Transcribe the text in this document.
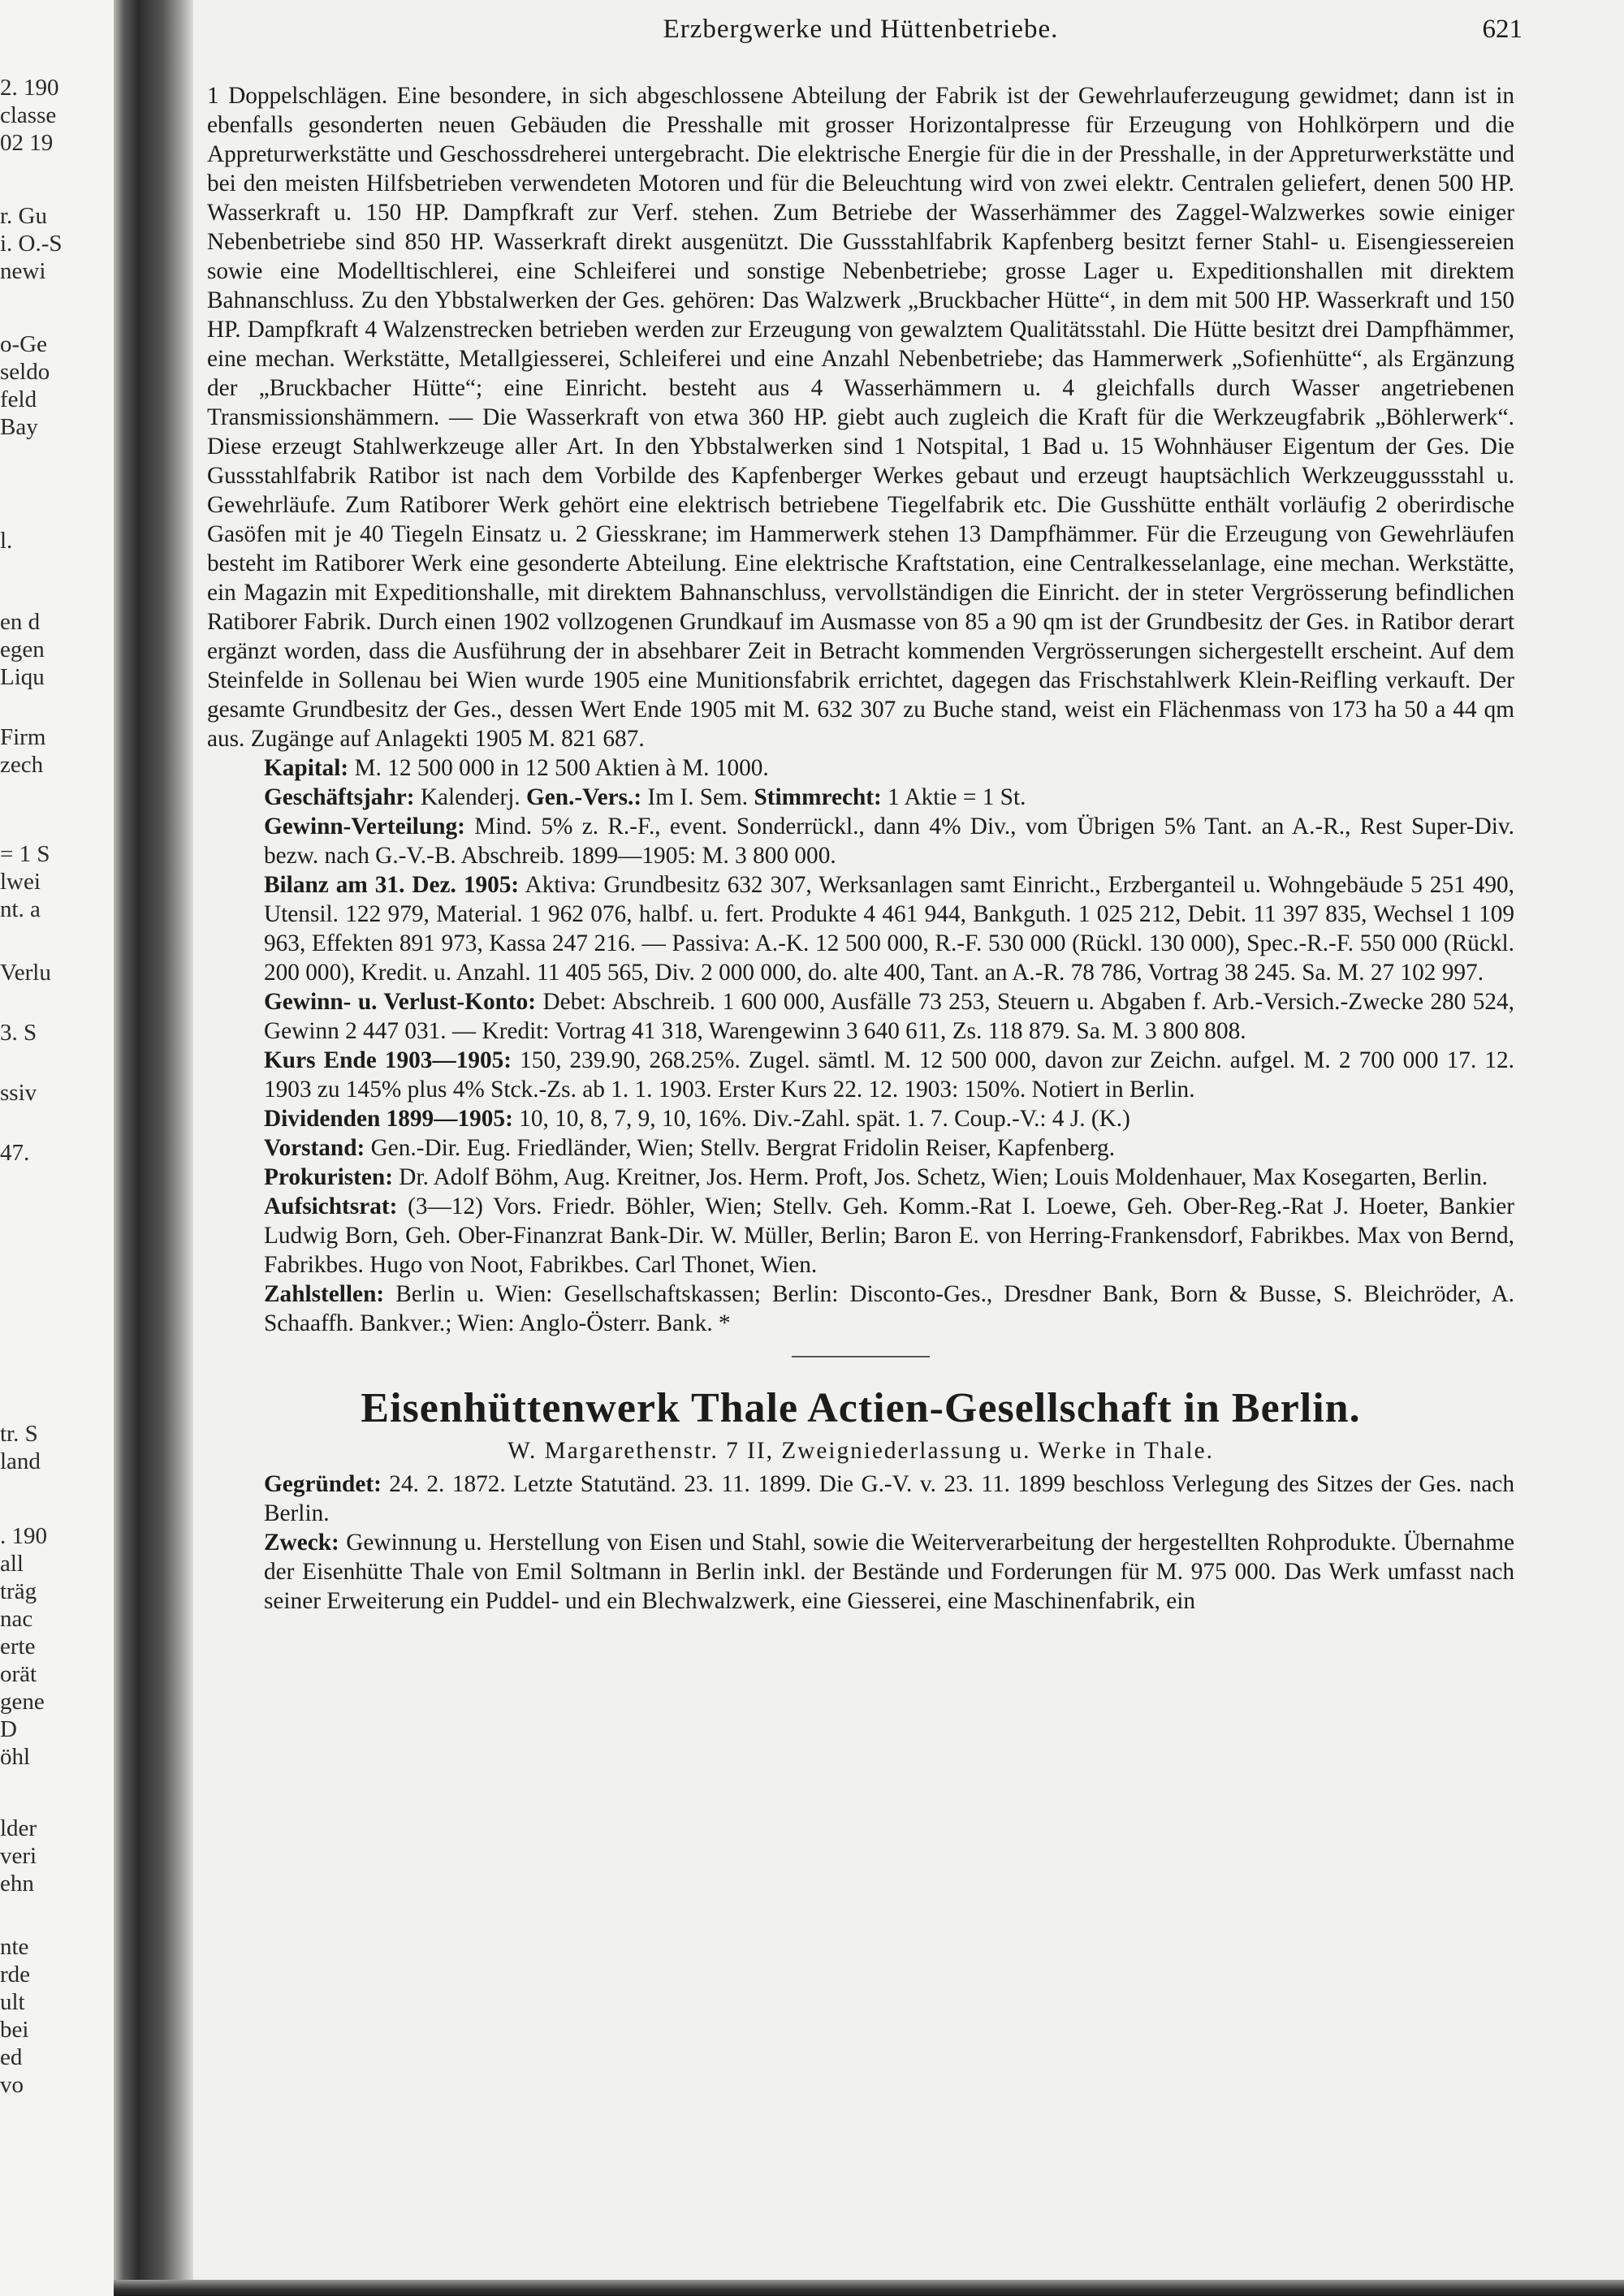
2. 190
classe
02 19
r. Gu
i. O.-S
newi
o-Ge
seldo
feld
Bay
l.
en d
egen
Liqu
Firm
zech
= 1 S
lwei
nt. a
Verlu
3. S
ssiv
47.
tr. S
land
. 190
all
träg
nac
erte
orät
gene
D
öhl
lder
veri
ehn
nte
rde
ult
bei
ed
vo
Erzbergwerke und Hüttenbetriebe.	621

1 Doppelschlägen. Eine besondere, in sich abgeschlossene Abteilung der Fabrik ist der Gewehrlauferzeugung gewidmet; dann ist in ebenfalls gesonderten neuen Gebäuden die Presshalle mit grosser Horizontalpresse für Erzeugung von Hohlkörpern und die Appreturwerkstätte und Geschossdreherei untergebracht. Die elektrische Energie für die in der Presshalle, in der Appreturwerkstätte und bei den meisten Hilfsbetrieben verwendeten Motoren und für die Beleuchtung wird von zwei elektr. Centralen geliefert, denen 500 HP. Wasserkraft u. 150 HP. Dampfkraft zur Verf. stehen. Zum Betriebe der Wasserhämmer des Zaggel-Walzwerkes sowie einiger Nebenbetriebe sind 850 HP. Wasserkraft direkt ausgenützt. Die Gussstahlfabrik Kapfenberg besitzt ferner Stahl- u. Eisengiessereien sowie eine Modelltischlerei, eine Schleiferei und sonstige Nebenbetriebe; grosse Lager u. Expeditionshallen mit direktem Bahnanschluss. Zu den Ybbstalwerken der Ges. gehören: Das Walzwerk „Bruckbacher Hütte“, in dem mit 500 HP. Wasserkraft und 150 HP. Dampfkraft 4 Walzenstrecken betrieben werden zur Erzeugung von gewalztem Qualitätsstahl. Die Hütte besitzt drei Dampfhämmer, eine mechan. Werkstätte, Metallgiesserei, Schleiferei und eine Anzahl Nebenbetriebe; das Hammerwerk „Sofienhütte“, als Ergänzung der „Bruckbacher Hütte“; eine Einricht. besteht aus 4 Wasserhämmern u. 4 gleichfalls durch Wasser angetriebenen Transmissionshämmern. — Die Wasserkraft von etwa 360 HP. giebt auch zugleich die Kraft für die Werkzeugfabrik „Böhlerwerk“. Diese erzeugt Stahlwerkzeuge aller Art. In den Ybbstalwerken sind 1 Notspital, 1 Bad u. 15 Wohnhäuser Eigentum der Ges. Die Gussstahlfabrik Ratibor ist nach dem Vorbilde des Kapfenberger Werkes gebaut und erzeugt hauptsächlich Werkzeuggussstahl u. Gewehrläufe. Zum Ratiborer Werk gehört eine elektrisch betriebene Tiegelfabrik etc. Die Gusshütte enthält vorläufig 2 oberirdische Gasöfen mit je 40 Tiegeln Einsatz u. 2 Giesskrane; im Hammerwerk stehen 13 Dampfhämmer. Für die Erzeugung von Gewehrläufen besteht im Ratiborer Werk eine gesonderte Abteilung. Eine elektrische Kraftstation, eine Centralkesselanlage, eine mechan. Werkstätte, ein Magazin mit Expeditionshalle, mit direktem Bahnanschluss, vervollständigen die Einricht. der in steter Vergrösserung befindlichen Ratiborer Fabrik. Durch einen 1902 vollzogenen Grundkauf im Ausmasse von 85 a 90 qm ist der Grundbesitz der Ges. in Ratibor derart ergänzt worden, dass die Ausführung der in absehbarer Zeit in Betracht kommenden Vergrösserungen sichergestellt erscheint. Auf dem Steinfelde in Sollenau bei Wien wurde 1905 eine Munitionsfabrik errichtet, dagegen das Frischstahlwerk Klein-Reifling verkauft. Der gesamte Grundbesitz der Ges., dessen Wert Ende 1905 mit M. 632 307 zu Buche stand, weist ein Flächenmass von 173 ha 50 a 44 qm aus. Zugänge auf Anlagekti 1905 M. 821 687.

Kapital: M. 12 500 000 in 12 500 Aktien à M. 1000.

Geschäftsjahr: Kalenderj. Gen.-Vers.: Im I. Sem. Stimmrecht: 1 Aktie = 1 St.

Gewinn-Verteilung: Mind. 5% z. R.-F., event. Sonderrückl., dann 4% Div., vom Übrigen 5% Tant. an A.-R., Rest Super-Div. bezw. nach G.-V.-B. Abschreib. 1899—1905: M. 3 800 000.

Bilanz am 31. Dez. 1905: Aktiva: Grundbesitz 632 307, Werksanlagen samt Einricht., Erzberganteil u. Wohngebäude 5 251 490, Utensil. 122 979, Material. 1 962 076, halbf. u. fert. Produkte 4 461 944, Bankguth. 1 025 212, Debit. 11 397 835, Wechsel 1 109 963, Effekten 891 973, Kassa 247 216. — Passiva: A.-K. 12 500 000, R.-F. 530 000 (Rückl. 130 000), Spec.-R.-F. 550 000 (Rückl. 200 000), Kredit. u. Anzahl. 11 405 565, Div. 2 000 000, do. alte 400, Tant. an A.-R. 78 786, Vortrag 38 245. Sa. M. 27 102 997.

Gewinn- u. Verlust-Konto: Debet: Abschreib. 1 600 000, Ausfälle 73 253, Steuern u. Abgaben f. Arb.-Versich.-Zwecke 280 524, Gewinn 2 447 031. — Kredit: Vortrag 41 318, Warengewinn 3 640 611, Zs. 118 879. Sa. M. 3 800 808.

Kurs Ende 1903—1905: 150, 239.90, 268.25%. Zugel. sämtl. M. 12 500 000, davon zur Zeichn. aufgel. M. 2 700 000 17. 12. 1903 zu 145% plus 4% Stck.-Zs. ab 1. 1. 1903. Erster Kurs 22. 12. 1903: 150%. Notiert in Berlin.

Dividenden 1899—1905: 10, 10, 8, 7, 9, 10, 16%. Div.-Zahl. spät. 1. 7. Coup.-V.: 4 J. (K.)

Vorstand: Gen.-Dir. Eug. Friedländer, Wien; Stellv. Bergrat Fridolin Reiser, Kapfenberg.

Prokuristen: Dr. Adolf Böhm, Aug. Kreitner, Jos. Herm. Proft, Jos. Schetz, Wien; Louis Moldenhauer, Max Kosegarten, Berlin.

Aufsichtsrat: (3—12) Vors. Friedr. Böhler, Wien; Stellv. Geh. Komm.-Rat I. Loewe, Geh. Ober-Reg.-Rat J. Hoeter, Bankier Ludwig Born, Geh. Ober-Finanzrat Bank-Dir. W. Müller, Berlin; Baron E. von Herring-Frankensdorf, Fabrikbes. Max von Bernd, Fabrikbes. Hugo von Noot, Fabrikbes. Carl Thonet, Wien.

Zahlstellen: Berlin u. Wien: Gesellschaftskassen; Berlin: Disconto-Ges., Dresdner Bank, Born & Busse, S. Bleichröder, A. Schaaffh. Bankver.; Wien: Anglo-Österr. Bank. *

Eisenhüttenwerk Thale Actien-Gesellschaft in Berlin.
W. Margarethenstr. 7 II, Zweigniederlassung u. Werke in Thale.

Gegründet: 24. 2. 1872. Letzte Statutänd. 23. 11. 1899. Die G.-V. v. 23. 11. 1899 beschloss Verlegung des Sitzes der Ges. nach Berlin.

Zweck: Gewinnung u. Herstellung von Eisen und Stahl, sowie die Weiterverarbeitung der hergestellten Rohprodukte. Übernahme der Eisenhütte Thale von Emil Soltmann in Berlin inkl. der Bestände und Forderungen für M. 975 000. Das Werk umfasst nach seiner Erweiterung ein Puddel- und ein Blechwalzwerk, eine Giesserei, eine Maschinenfabrik, ein
